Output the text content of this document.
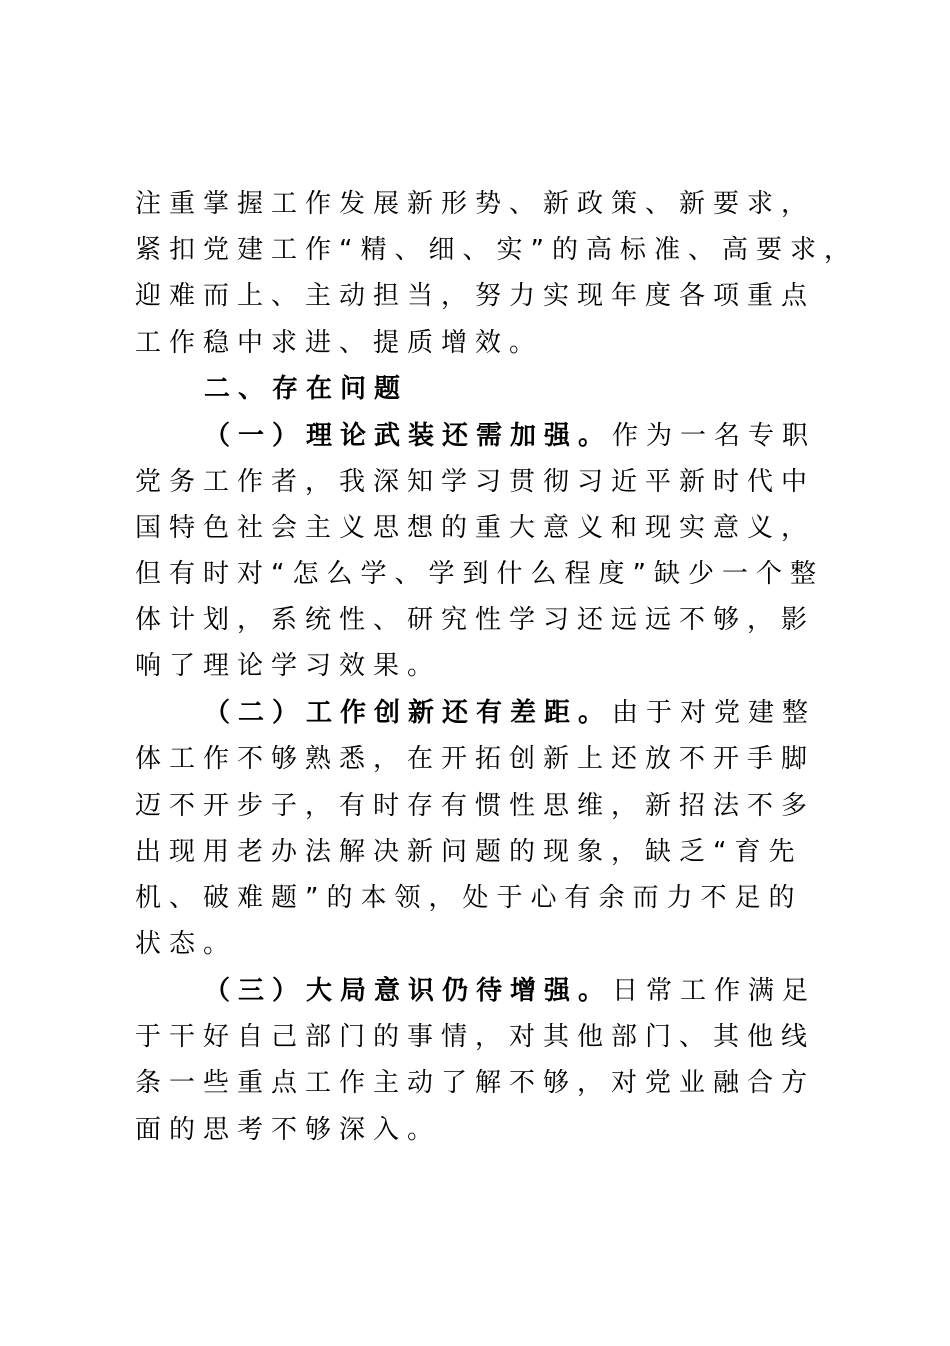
注重掌握工作发展新形势、新政策、新要求，
紧扣党建工作“精、细、实”的高标准、高要求，
迎难而上、主动担当，努力实现年度各项重点
工作稳中求进、提质增效。
二、存在问题
（一）理论武装还需加强。作为一名专职
党务工作者，我深知学习贯彻习近平新时代中
国特色社会主义思想的重大意义和现实意义，
但有时对“怎么学、学到什么程度”缺少一个整
体计划，系统性、研究性学习还远远不够，影
响了理论学习效果。
（二）工作创新还有差距。由于对党建整
体工作不够熟悉，在开拓创新上还放不开手脚
迈不开步子，有时存有惯性思维，新招法不多
出现用老办法解决新问题的现象，缺乏“育先
机、破难题”的本领，处于心有余而力不足的
状态。
（三）大局意识仍待增强。日常工作满足
于干好自己部门的事情，对其他部门、其他线
条一些重点工作主动了解不够，对党业融合方
面的思考不够深入。
